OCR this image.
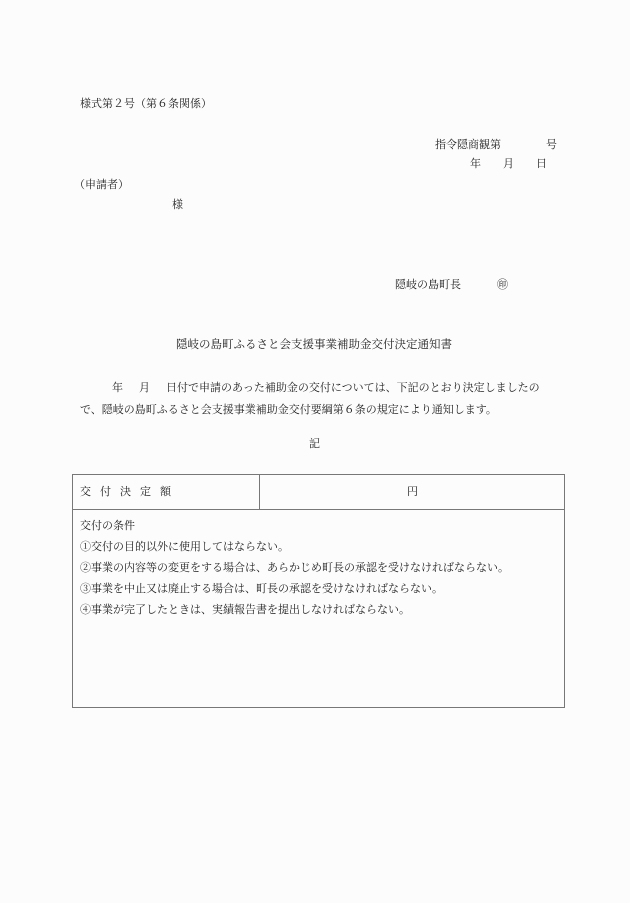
様式第２号（第６条関係）
指令隠商観第	号
年 月 日
（申請者）
様
隠岐の島町長	㊞
隠岐の島町ふるさと会支援事業補助金交付決定通知書
年 月 日付で申請のあった補助金の交付については、下記のとおり決定しましたので、隠岐の島町ふるさと会支援事業補助金交付要綱第６条の規定により通知します。
記
交付決定額	円
交付の条件
①交付の目的以外に使用してはならない。
②事業の内容等の変更をする場合は、あらかじめ町長の承認を受けなければならない。
③事業を中止又は廃止する場合は、町長の承認を受けなければならない。
④事業が完了したときは、実績報告書を提出しなければならない。
